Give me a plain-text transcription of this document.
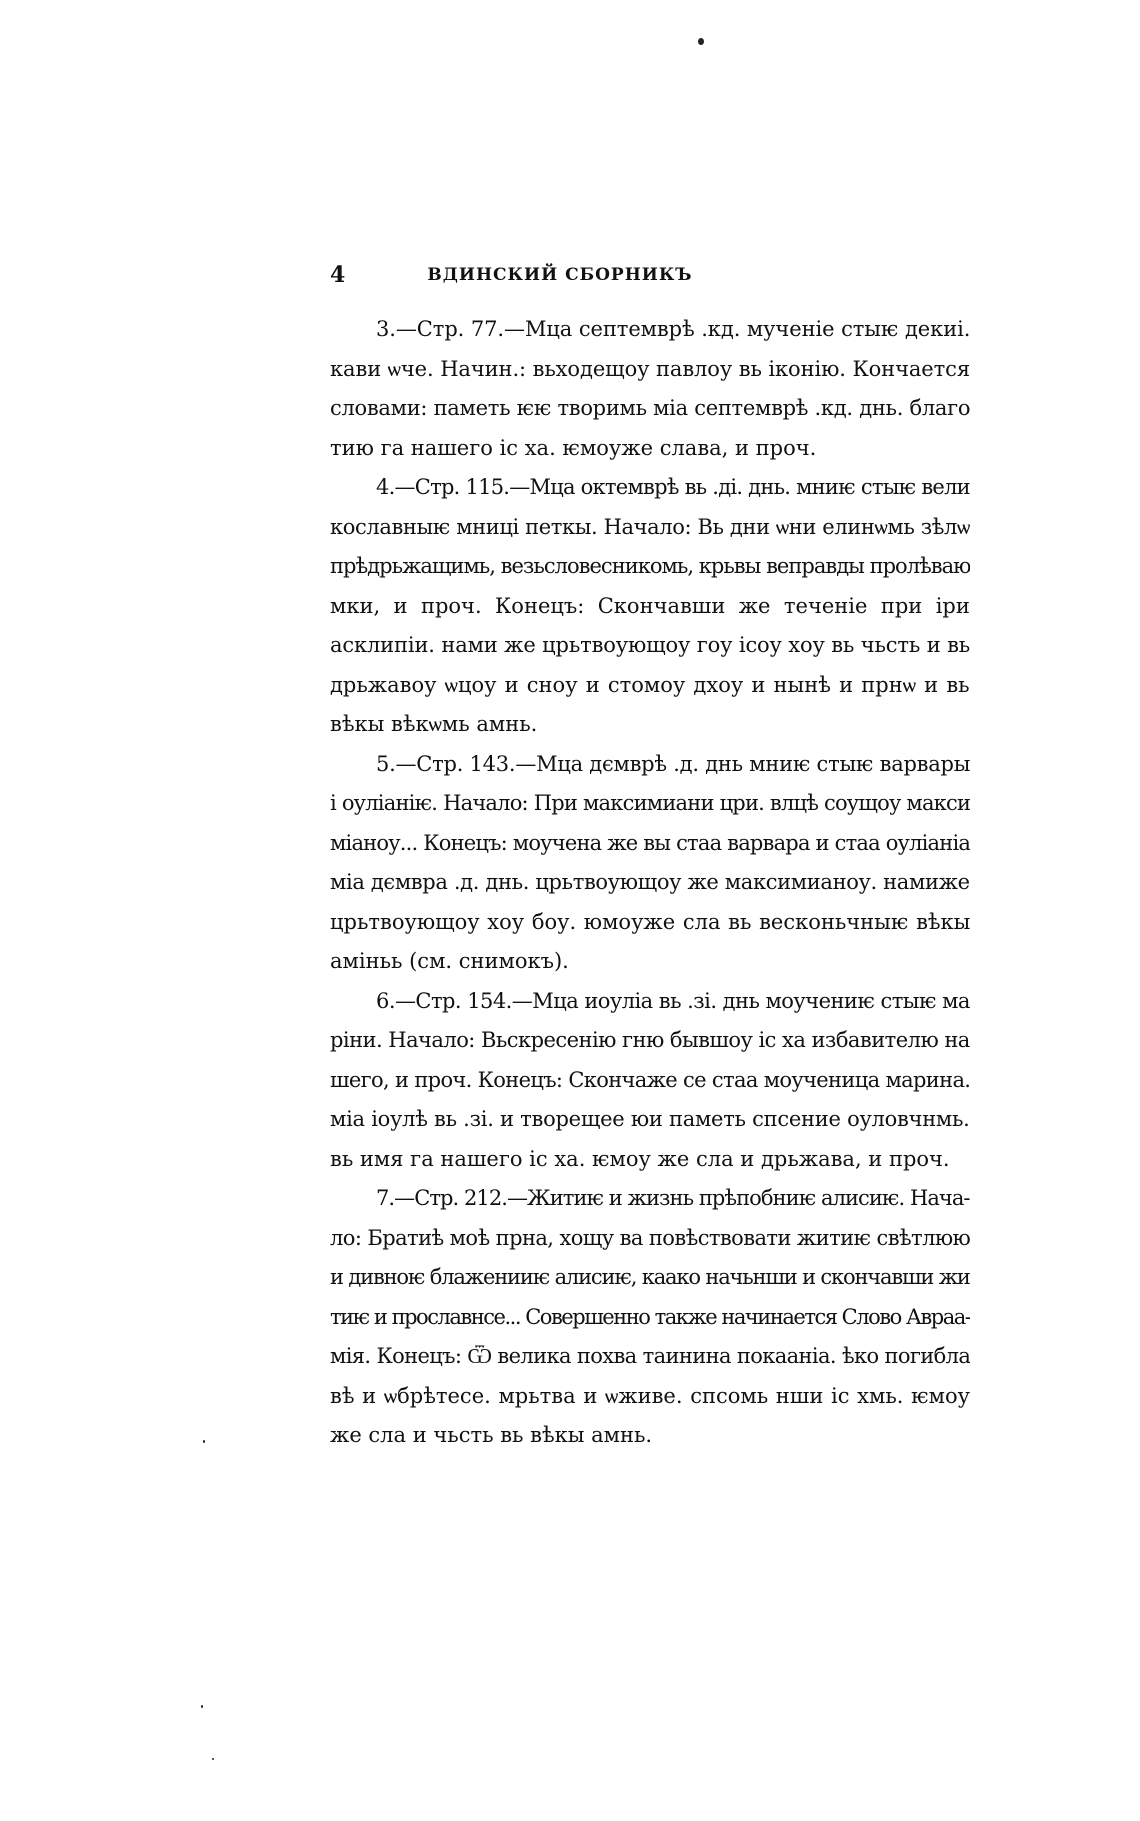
4	ВДИНСКИЙ СБОРНИКЪ
3.—Стр. 77.—Мца септемврѣ .кд. мученіе стыѥ декиі.
кави ѡче. Начин.: вьходещоу павлоу вь іконію. Кончается
словами: паметь ѥѥ творимь міа септемврѣ .кд. днь. благо
тию га нашего іс ха. ѥмоуже слава, и проч.
4.—Стр. 115.—Мца октемврѣ вь .ді. днь. мниѥ стыѥ вели
кославныѥ мниці петкы. Начало: Вь дни ѡни елинѡмь зѣлѡ
прѣдрьжащимь, везьсловесникомь, крьвы веправды пролѣваю
мки, и проч. Конецъ: Скончавши же теченіе при іри
асклипіи. нами же црьтвоующоу гоу ісоу хоу вь чьсть и вь
дрьжавоу ѡцоу и сноу и стомоу дхоу и нынѣ и прнѡ и вь
вѣкы вѣкѡмь амнь.
5.—Стр. 143.—Мца дємврѣ .д. днь мниѥ стыѥ варвары
і оуліаніѥ. Начало: При максимиани цри. влцѣ соущоу макси
міаноу... Конецъ: моучена же вы стаа варвара и стаа оуліаніа
міа дємвра .д. днь. црьтвоующоу же максимианоу. намиже
црьтвоующоу хоу боу. юмоуже сла вь весконьчныѥ вѣкы
аміньь (см. снимокъ).
6.—Стр. 154.—Мца иоуліа вь .зі. днь моучениѥ стыѥ ма
ріни. Начало: Вьскресенію гню бывшоу іс ха избавителю на
шего, и проч. Конецъ: Скончаже се стаа моученица марина.
міа іоулѣ вь .зі. и творещее юи паметь спсение оуловчнмь.
вь имя га нашего іс ха. ѥмоу же сла и дрьжава, и проч.
7.—Стр. 212.—Житиѥ и жизнь прѣпобниѥ алисиѥ. Нача-
ло: Братиѣ моѣ прна, хощу ва повѣствовати житиѥ свѣтлюю
и дивноѥ блаженииѥ алисиѥ, каако начьнши и скончавши жи
тиѥ и прославнсе... Совершенно также начинается Слово Авраа-
мія. Конецъ: Ѿ велика похва таинина покааніа. ѣко погибла
вѣ и ѡбрѣтесе. мрьтва и ѡживе. спсомь нши іс хмь. ѥмоу
же сла и чьсть вь вѣкы амнь.
